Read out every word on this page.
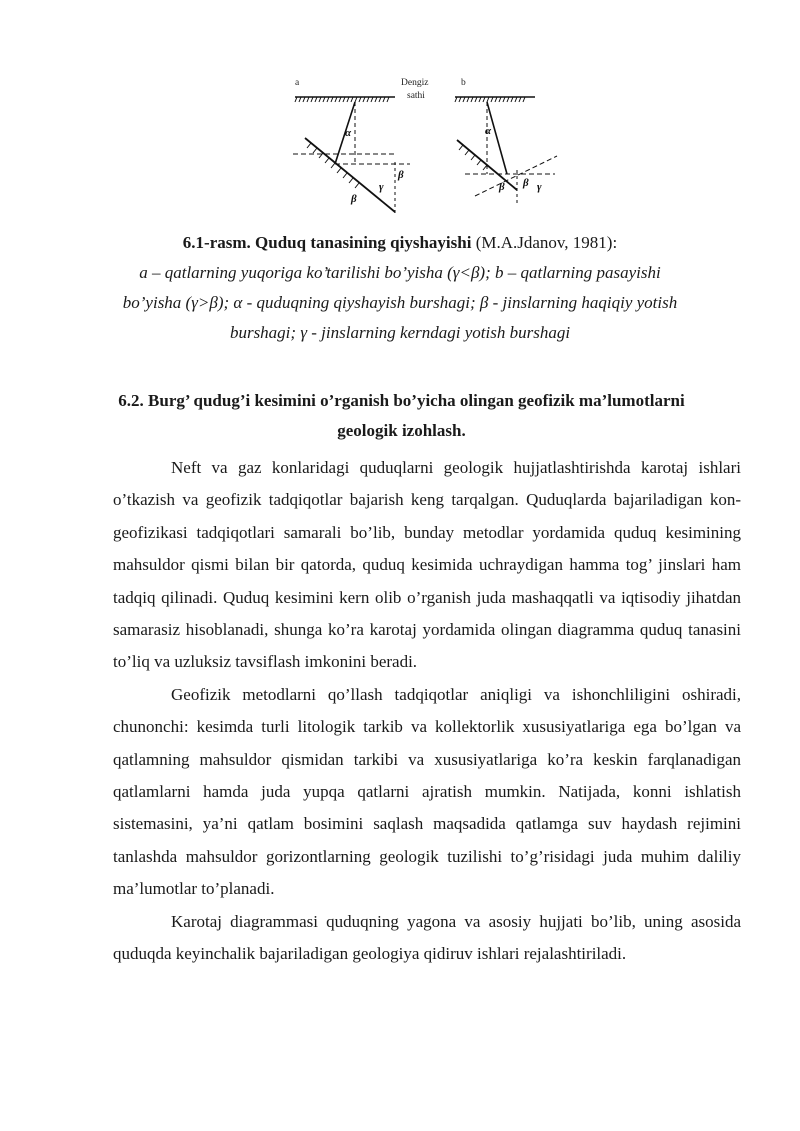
a
α
β
γ
β
Dengiz
sathi
b
α
β β γ
6.1-rasm. Quduq tanasining qiyshayishi (M.A.Jdanov, 1981):
a – qatlarning yuqoriga ko’tarilishi bo’yisha (γ<β); b – qatlarning pasayishi
bo’yisha (γ>β); α - quduqning qiyshayish burshagi; β - jinslarning haqiqiy yotish
burshagi; γ - jinslarning kerndagi yotish burshagi
6.2. Burg’ qudug’i kesimini o’rganish bo’yicha olingan geofizik ma’lumotlarni
geologik izohlash.

Neft va gaz konlaridagi quduqlarni geologik hujjatlashtirishda karotaj ishlari o’tkazish va geofizik tadqiqotlar bajarish keng tarqalgan. Quduqlarda bajariladigan kon-geofizikasi tadqiqotlari samarali bo’lib, bunday metodlar yordamida quduq kesimining mahsuldor qismi bilan bir qatorda, quduq kesimida uchraydigan hamma tog’ jinslari ham tadqiq qilinadi. Quduq kesimini kern olib o’rganish juda mashaqqatli va iqtisodiy jihatdan samarasiz hisoblanadi, shunga ko’ra karotaj yordamida olingan diagramma quduq tanasini to’liq va uzluksiz tavsiflash imkonini beradi.

Geofizik metodlarni qo’llash tadqiqotlar aniqligi va ishonchliligini oshiradi, chunonchi: kesimda turli litologik tarkib va kollektorlik xususiyatlariga ega bo’lgan va qatlamning mahsuldor qismidan tarkibi va xususiyatlariga ko’ra keskin farqlanadigan qatlamlarni hamda juda yupqa qatlarni ajratish mumkin. Natijada, konni ishlatish sistemasini, ya’ni qatlam bosimini saqlash maqsadida qatlamga suv haydash rejimini tanlashda mahsuldor gorizontlarning geologik tuzilishi to’g’risidagi juda muhim daliliy ma’lumotlar to’planadi.

Karotaj diagrammasi quduqning yagona va asosiy hujjati bo’lib, uning asosida quduqda keyinchalik bajariladigan geologiya qidiruv ishlari rejalashtiriladi.
